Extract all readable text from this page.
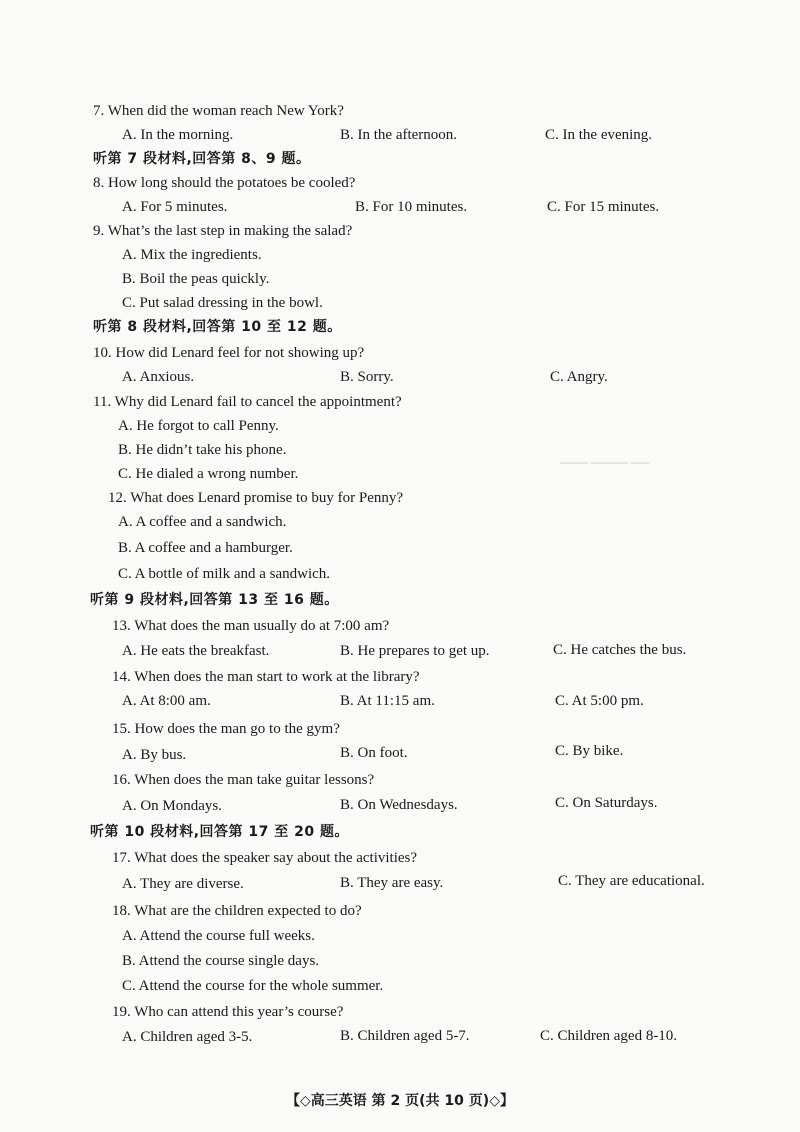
▁▁▁ ▁▁▁▁ ▁▁
7. When did the woman reach New York?
A. In the morning.	B. In the afternoon.	C. In the evening.
听第 7 段材料,回答第 8、9 题。
8. How long should the potatoes be cooled?
A. For 5 minutes.	B. For 10 minutes.	C. For 15 minutes.
9. What’s the last step in making the salad?
A. Mix the ingredients.
B. Boil the peas quickly.
C. Put salad dressing in the bowl.
听第 8 段材料,回答第 10 至 12 题。
10. How did Lenard feel for not showing up?
A. Anxious.	B. Sorry.	C. Angry.
11. Why did Lenard fail to cancel the appointment?
A. He forgot to call Penny.
B. He didn’t take his phone.
C. He dialed a wrong number.
12. What does Lenard promise to buy for Penny?
A. A coffee and a sandwich.
B. A coffee and a hamburger.
C. A bottle of milk and a sandwich.
听第 9 段材料,回答第 13 至 16 题。
13. What does the man usually do at 7:00 am?
A. He eats the breakfast.	B. He prepares to get up.	C. He catches the bus.
14. When does the man start to work at the library?
A. At 8:00 am.	B. At 11:15 am.	C. At 5:00 pm.
15. How does the man go to the gym?
A. By bus.	B. On foot.	C. By bike.
16. When does the man take guitar lessons?
A. On Mondays.	B. On Wednesdays.	C. On Saturdays.
听第 10 段材料,回答第 17 至 20 题。
17. What does the speaker say about the activities?
A. They are diverse.	B. They are easy.	C. They are educational.
18. What are the children expected to do?
A. Attend the course full weeks.
B. Attend the course single days.
C. Attend the course for the whole summer.
19. Who can attend this year’s course?
A. Children aged 3-5.	B. Children aged 5-7.	C. Children aged 8-10.
【◇高三英语 第 2 页(共 10 页)◇】
